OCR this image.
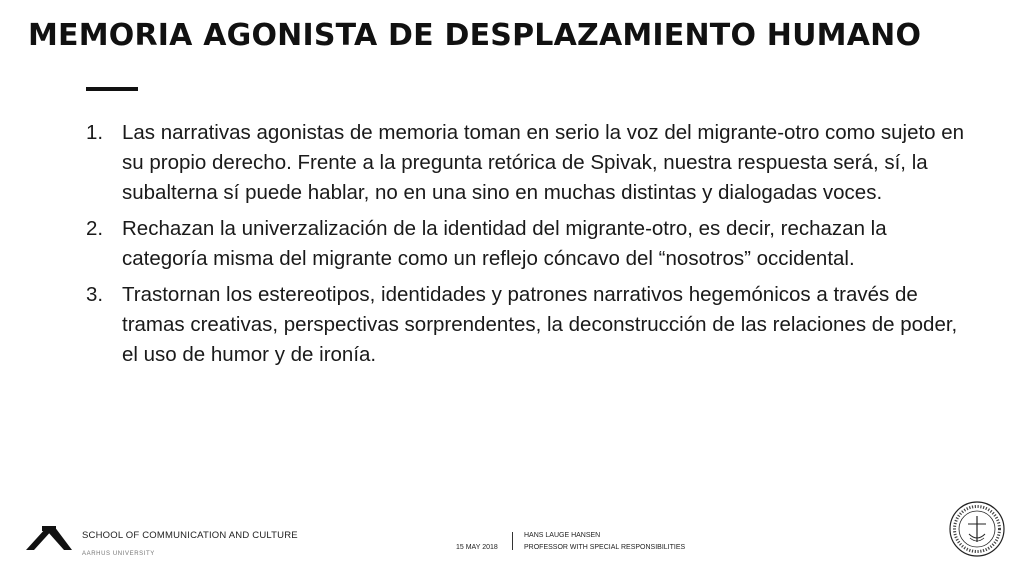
MEMORIA AGONISTA DE DESPLAZAMIENTO HUMANO
1. Las narrativas agonistas de memoria toman en serio la voz del migrante-otro como sujeto en su propio derecho. Frente a la pregunta retórica de Spivak, nuestra respuesta será, sí, la subalterna sí puede hablar, no en una sino en muchas distintas y dialogadas voces.
2. Rechazan la univerzalización de la identidad del migrante-otro, es decir, rechazan la categoría misma del migrante como un reflejo cóncavo del “nosotros” occidental.
3. Trastornan los estereotipos, identidades y patrones narrativos hegemónicos a través de tramas creativas, perspectivas sorprendentes, la deconstrucción de las relaciones de poder, el uso de humor y de ironía.
SCHOOL OF COMMUNICATION AND CULTURE
AARHUS UNIVERSITY
15 MAY 2018
HANS LAUGE HANSEN
PROFESSOR WITH SPECIAL RESPONSIBILITIES
